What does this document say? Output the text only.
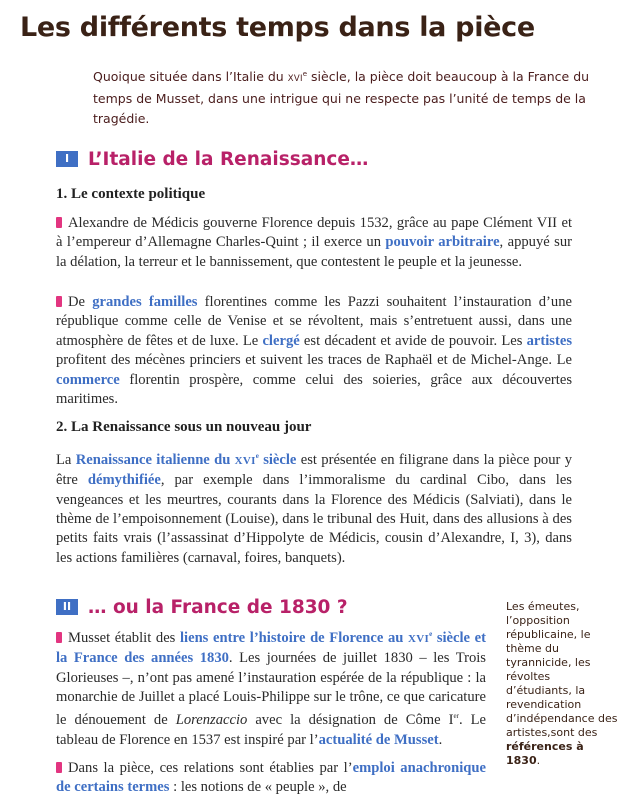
Les différents temps dans la pièce
Quoique située dans l’Italie du XVIe siècle, la pièce doit beaucoup à la France du temps de Musset, dans une intrigue qui ne respecte pas l’unité de temps de la tragédie.
I	L’Italie de la Renaissance…
1. Le contexte politique

Alexandre de Médicis gouverne Florence depuis 1532, grâce au pape Clément VII et à l’empereur d’Allemagne Charles-Quint ; il exerce un pouvoir arbitraire, appuyé sur la délation, la terreur et le bannissement, que contestent le peuple et la jeunesse.

De grandes familles florentines comme les Pazzi souhaitent l’instauration d’une république comme celle de Venise et se révoltent, mais s’entretuent aussi, dans une atmosphère de fêtes et de luxe. Le clergé est décadent et avide de pouvoir. Les artistes profitent des mécènes princiers et suivent les traces de Raphaël et de Michel-Ange. Le commerce florentin prospère, comme celui des soieries, grâce aux découvertes maritimes.

2. La Renaissance sous un nouveau jour

La Renaissance italienne du XVIe siècle est présentée en filigrane dans la pièce pour y être démythifiée, par exemple dans l’immoralisme du cardinal Cibo, dans les vengeances et les meurtres, courants dans la Florence des Médicis (Salviati), dans le thème de l’empoisonnement (Louise), dans le tribunal des Huit, dans des allusions à des petits faits vrais (l’assassinat d’Hippolyte de Médicis, cousin d’Alexandre, I, 3), dans les actions familières (carnaval, foires, banquets).

II … ou la France de 1830 ?

Musset établit des liens entre l’histoire de Florence au XVIe siècle et la France des années 1830. Les journées de juillet 1830 – les Trois Glorieuses –, n’ont pas amené l’instauration espérée de la république : la monarchie de Juillet a placé Louis-Philippe sur le trône, ce que caricature le dénouement de Lorenzaccio avec la désignation de Côme Ier. Le tableau de Florence en 1537 est inspiré par l’actualité de Musset.

Dans la pièce, ces relations sont établies par l’emploi anachronique de certains termes : les notions de « peuple », de

Les émeutes, l’opposition républicaine, le thème du tyrannicide, les révoltes d’étudiants, la revendication d’indépendance des artistes,sont des références à 1830.
